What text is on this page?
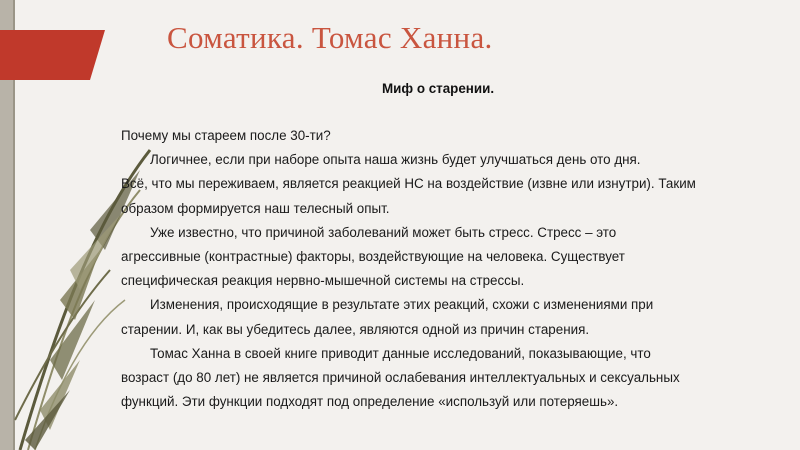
Соматика. Томас Ханна.
Миф о старении.

Почему мы стареем после 30-ти?

Логичнее, если при наборе опыта наша жизнь будет улучшаться день ото дня.

Всё, что мы переживаем, является реакцией НС на воздействие (извне или изнутри). Таким

образом формируется наш телесный опыт.

Уже известно, что причиной заболеваний может быть стресс. Стресс – это

агрессивные (контрастные) факторы, воздействующие на человека. Существует

специфическая реакция нервно-мышечной системы на стрессы.

Изменения, происходящие в результате этих реакций, схожи с изменениями при

старении. И, как вы убедитесь далее, являются одной из причин старения.

Томас Ханна в своей книге приводит данные исследований, показывающие, что

возраст (до 80 лет) не является причиной ослабевания интеллектуальных и сексуальных

функций. Эти функции подходят под определение «используй или потеряешь».
